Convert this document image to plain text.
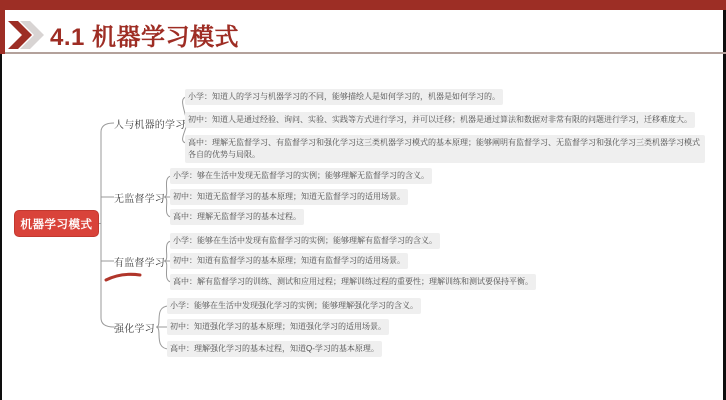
4.1 机器学习模式
机器学习模式
人与机器的学习
无监督学习
有监督学习
强化学习
小学：知道人的学习与机器学习的不同，能够描绘人是如何学习的，机器是如何学习的。
初中：知道人是通过经验、询问、实验、实践等方式进行学习，并可以迁移；机器是通过算法和数据对非常有限的问题进行学习，迁移难度大。
高中：理解无监督学习、有监督学习和强化学习这三类机器学习模式的基本原理；能够阐明有监督学习、无监督学习和强化学习三类机器学习模式各自的优势与局限。
小学：够在生活中发现无监督学习的实例；能够理解无监督学习的含义。
初中：知道无监督学习的基本原理；知道无监督学习的适用场景。
高中：理解无监督学习的基本过程。
小学：能够在生活中发现有监督学习的实例；能够理解有监督学习的含义。
初中：知道有监督学习的基本原理；知道有监督学习的适用场景。
高中：解有监督学习的训练、测试和应用过程；理解训练过程的重要性；理解训练和测试要保持平衡。
小学：能够在生活中发现强化学习的实例；能够理解强化学习的含义。
初中：知道强化学习的基本原理；知道强化学习的适用场景。
高中：理解强化学习的基本过程，知道Q-学习的基本原理。
